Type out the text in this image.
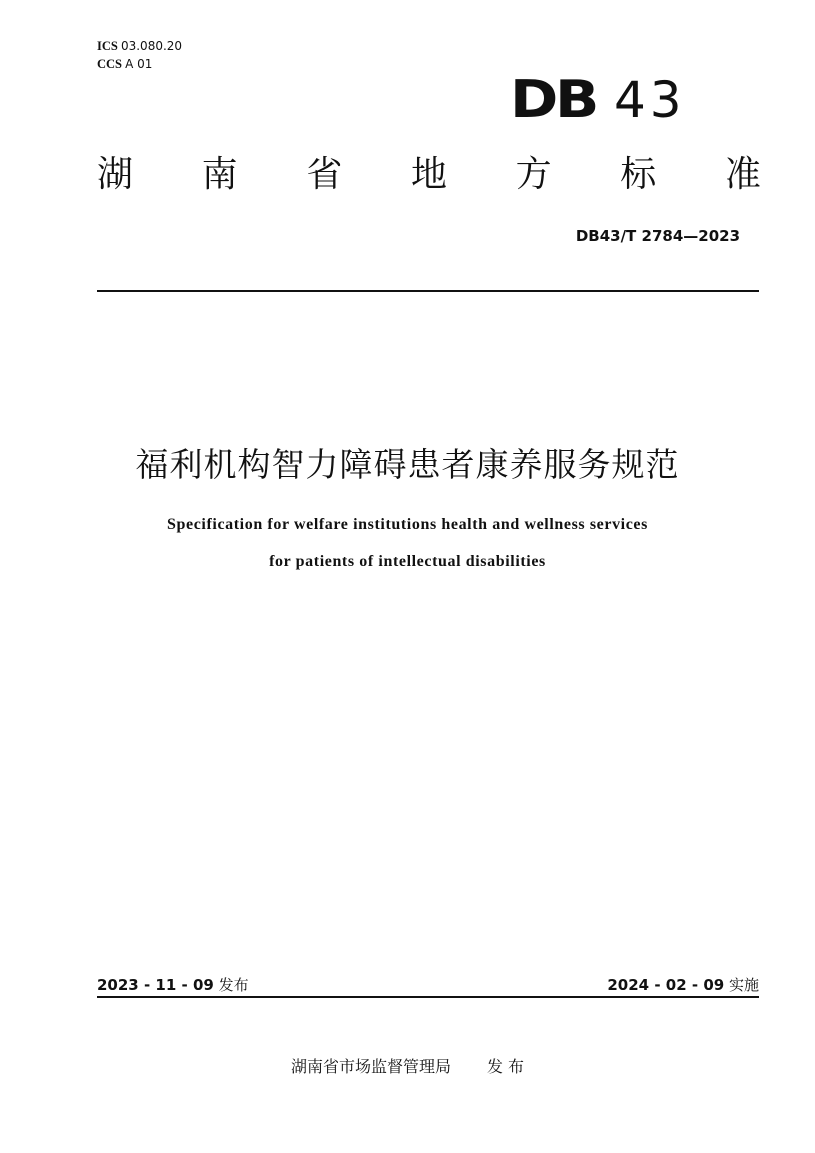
ICS 03.080.20
CCS A 01
DB 43
湖 南 省 地 方 标 准
DB43/T 2784—2023
福利机构智力障碍患者康养服务规范
Specification for welfare institutions health and wellness services
for patients of intellectual disabilities
2023 - 11 - 09 发布	2024 - 02 - 09 实施
湖南省市场监督管理局 发 布
